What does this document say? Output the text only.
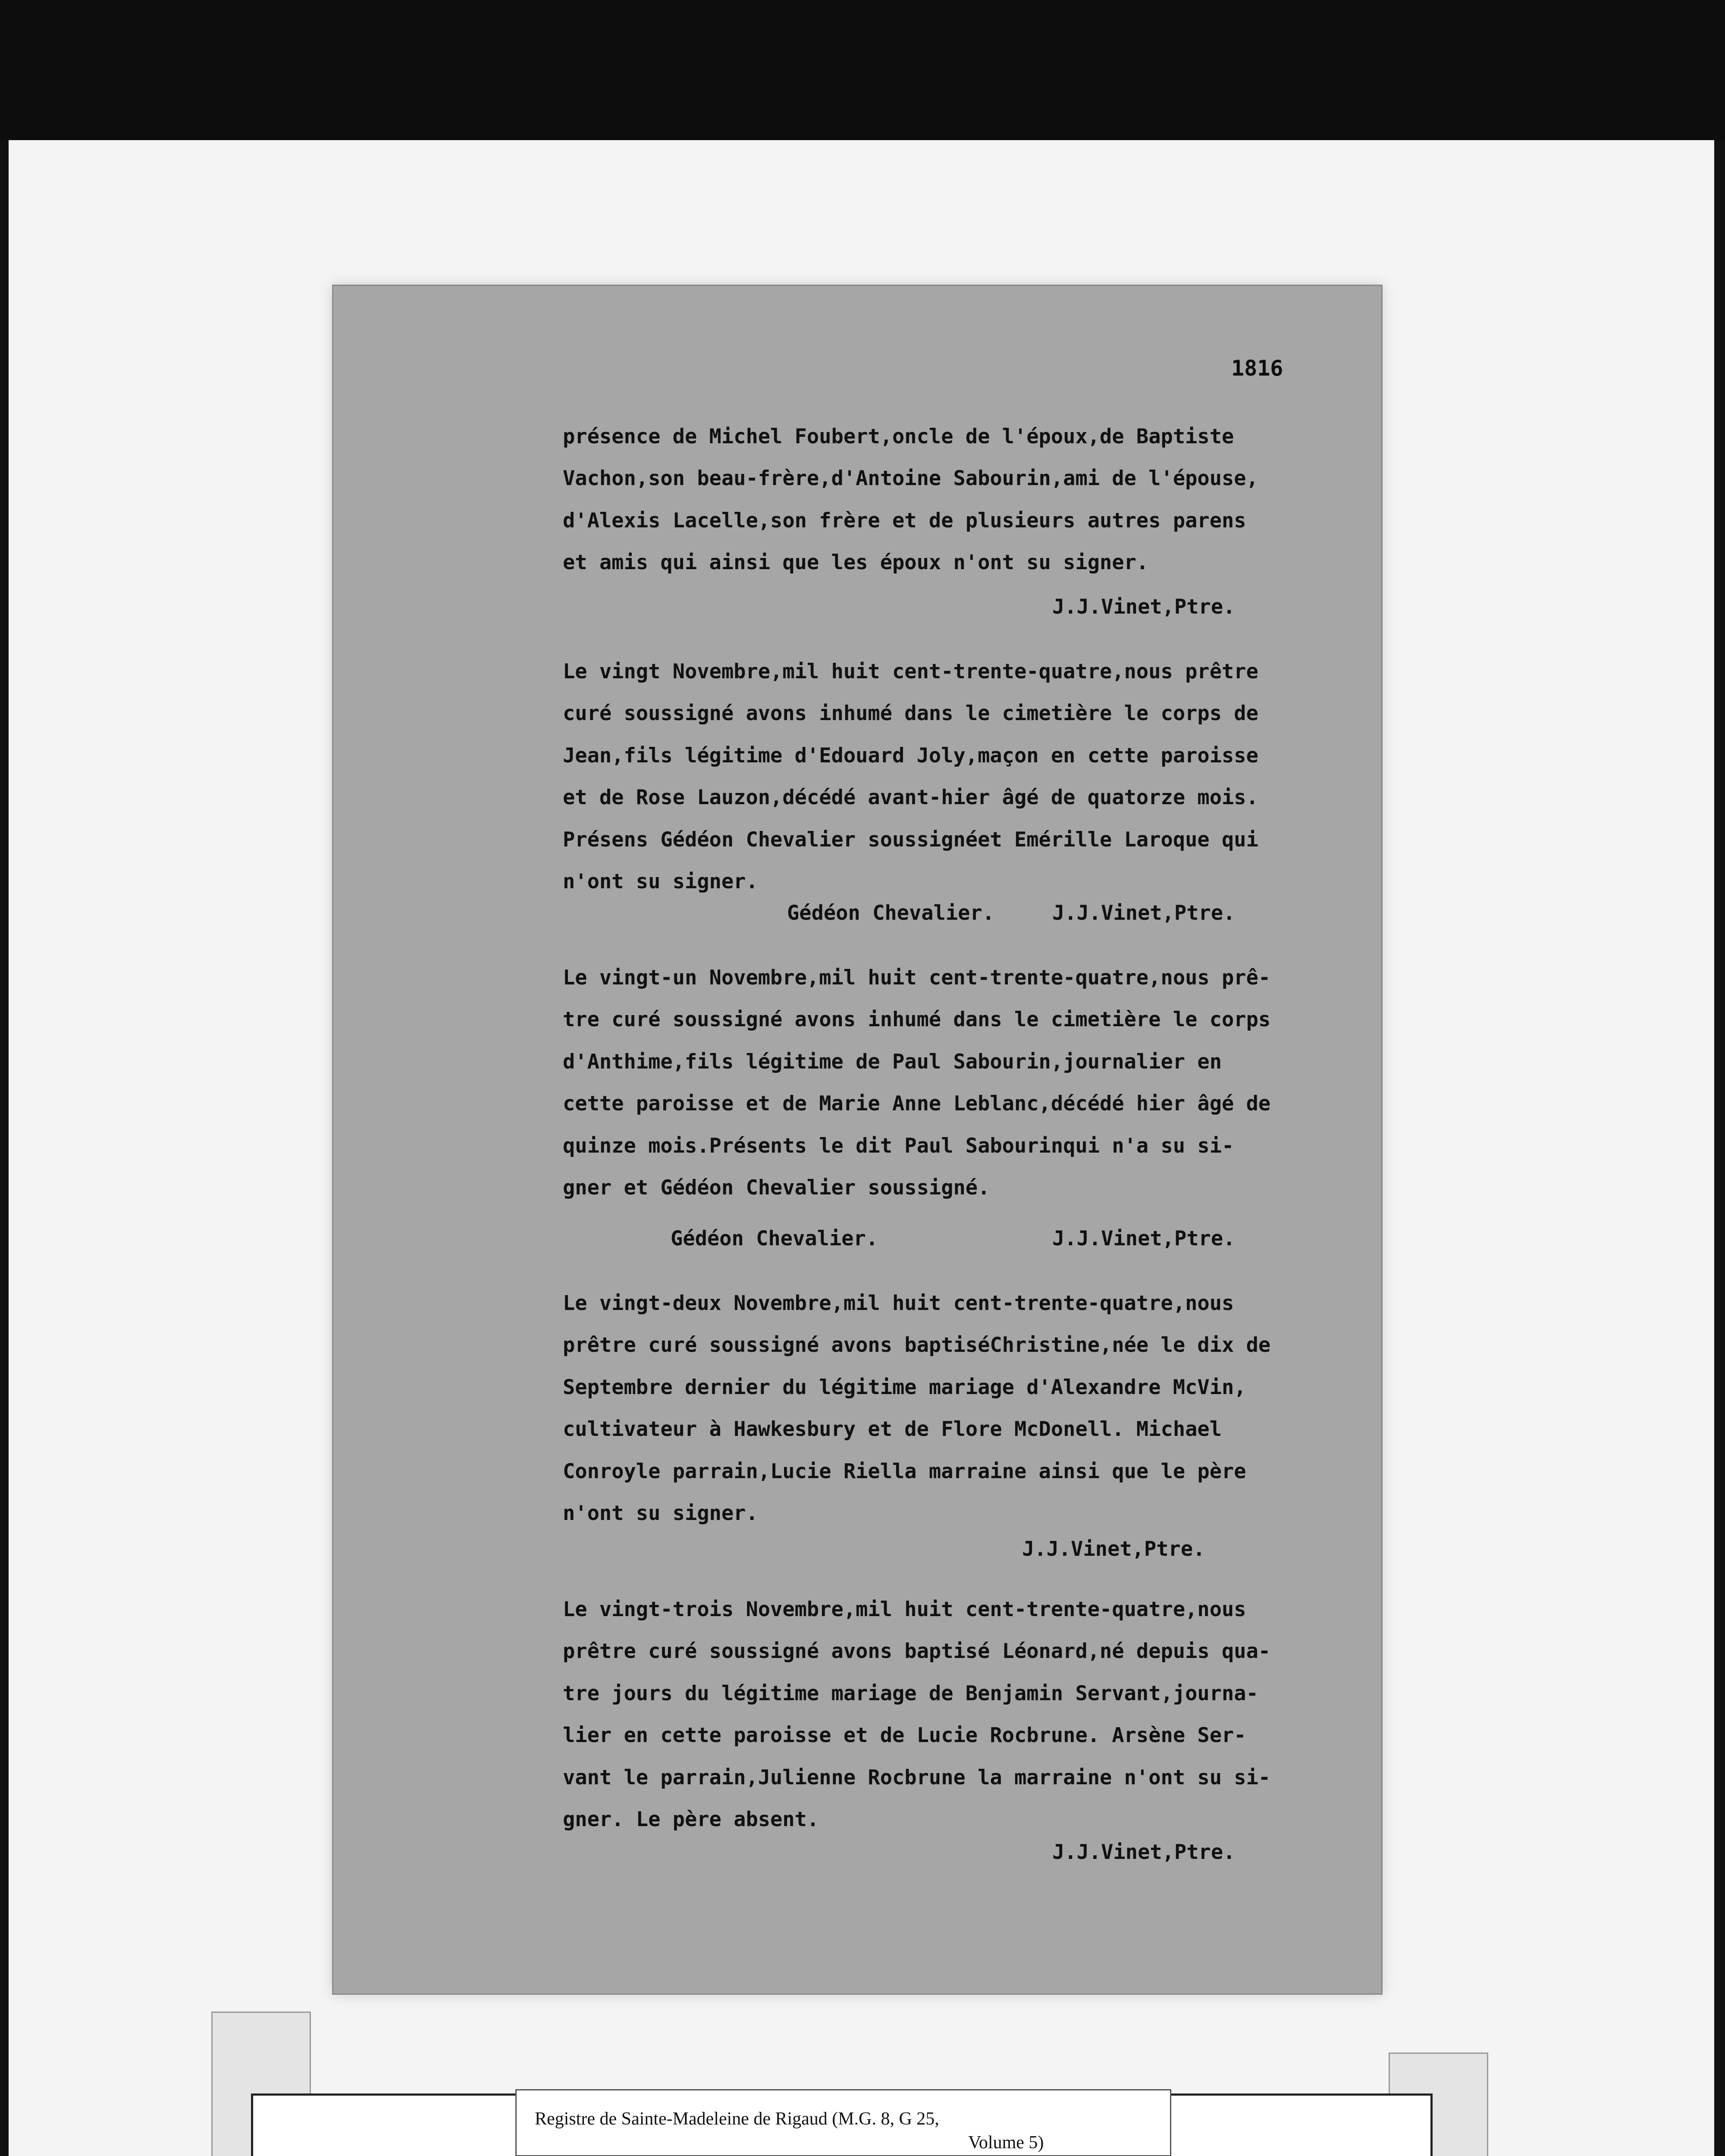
1816
présence de Michel Foubert,oncle de l'époux,de Baptiste
Vachon,son beau-frère,d'Antoine Sabourin,ami de l'épouse,
d'Alexis Lacelle,son frère et de plusieurs autres parens
et amis qui ainsi que les époux n'ont su signer.
J.J.Vinet,Ptre.
Le vingt Novembre,mil huit cent-trente-quatre,nous prêtre
curé soussigné avons inhumé dans le cimetière le corps de
Jean,fils légitime d'Edouard Joly,maçon en cette paroisse
et de Rose Lauzon,décédé avant-hier âgé de quatorze mois.
Présens Gédéon Chevalier soussignéet Emérille Laroque qui
n'ont su signer.
Gédéon Chevalier.	J.J.Vinet,Ptre.
Le vingt-un Novembre,mil huit cent-trente-quatre,nous prê-
tre curé soussigné avons inhumé dans le cimetière le corps
d'Anthime,fils légitime de Paul Sabourin,journalier en
cette paroisse et de Marie Anne Leblanc,décédé hier âgé de
quinze mois.Présents le dit Paul Sabourinqui n'a su si-
gner et Gédéon Chevalier soussigné.
Gédéon Chevalier.	J.J.Vinet,Ptre.
Le vingt-deux Novembre,mil huit cent-trente-quatre,nous
prêtre curé soussigné avons baptiséChristine,née le dix de
Septembre dernier du légitime mariage d'Alexandre McVin,
cultivateur à Hawkesbury et de Flore McDonell. Michael
Conroyle parrain,Lucie Riella marraine ainsi que le père
n'ont su signer.
J.J.Vinet,Ptre.
Le vingt-trois Novembre,mil huit cent-trente-quatre,nous
prêtre curé soussigné avons baptisé Léonard,né depuis qua-
tre jours du légitime mariage de Benjamin Servant,journa-
lier en cette paroisse et de Lucie Rocbrune. Arsène Ser-
vant le parrain,Julienne Rocbrune la marraine n'ont su si-
gner. Le père absent.
J.J.Vinet,Ptre.
Registre de Sainte-Madeleine de Rigaud (M.G. 8, G 25,
Volume 5)
